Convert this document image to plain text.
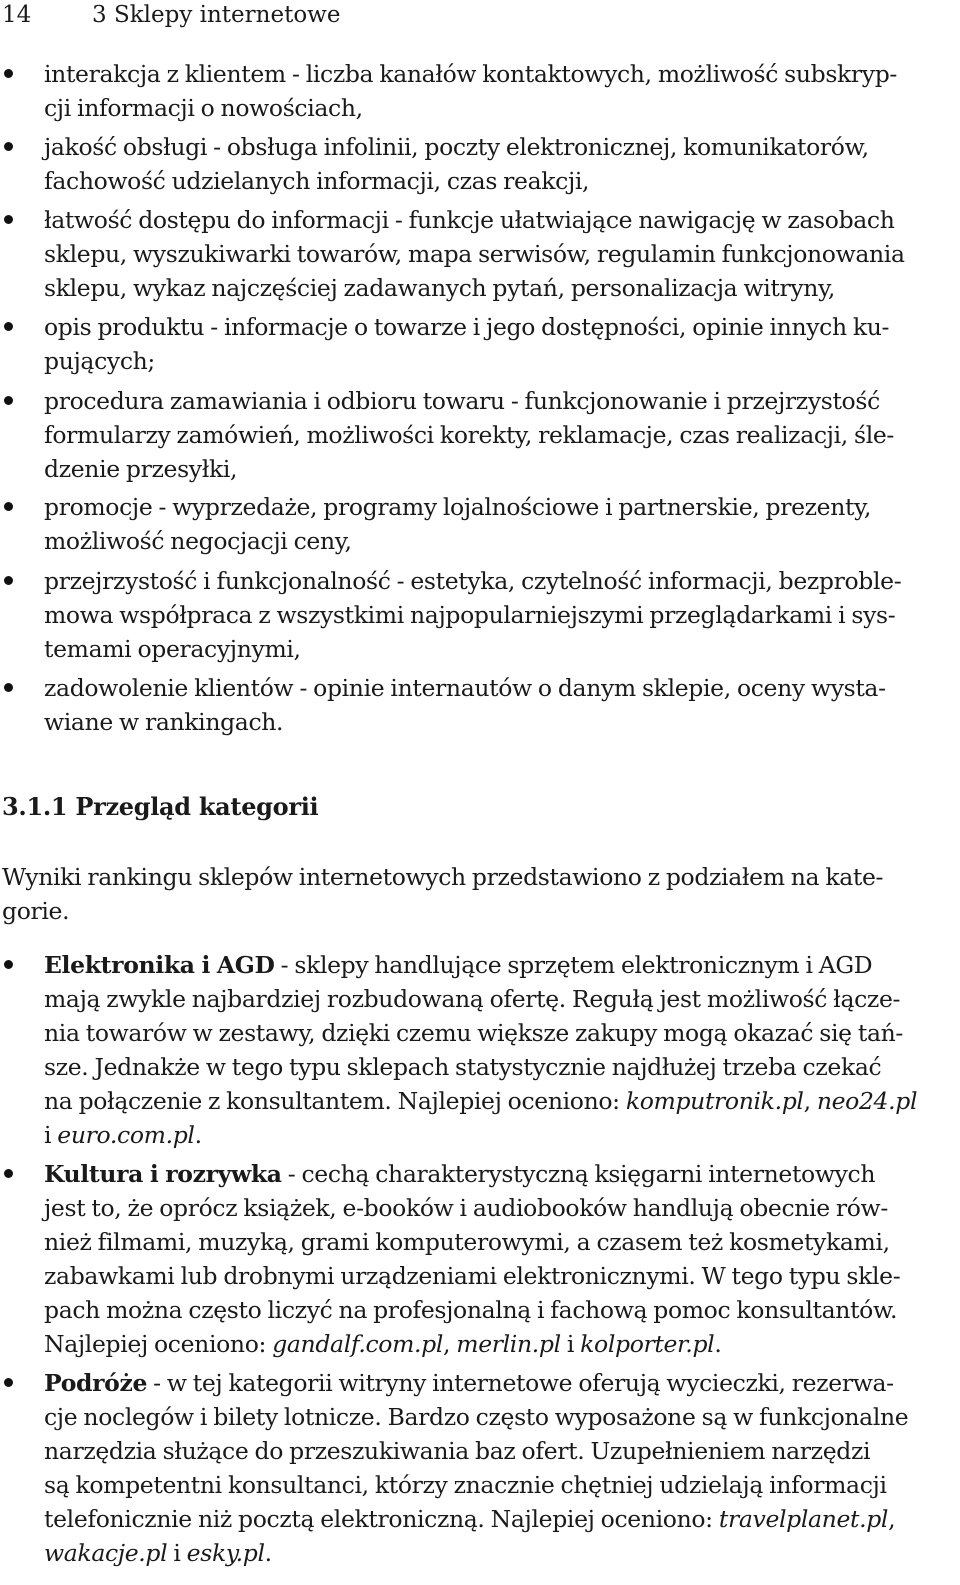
14	3 Sklepy internetowe
interakcja z klientem - liczba kanałów kontaktowych, możliwość subskryp-
cji informacji o nowościach,
jakość obsługi - obsługa infolinii, poczty elektronicznej, komunikatorów,
fachowość udzielanych informacji, czas reakcji,
łatwość dostępu do informacji - funkcje ułatwiające nawigację w zasobach
sklepu, wyszukiwarki towarów, mapa serwisów, regulamin funkcjonowania
sklepu, wykaz najczęściej zadawanych pytań, personalizacja witryny,
opis produktu - informacje o towarze i jego dostępności, opinie innych ku-
pujących;
procedura zamawiania i odbioru towaru - funkcjonowanie i przejrzystość
formularzy zamówień, możliwości korekty, reklamacje, czas realizacji, śle-
dzenie przesyłki,
promocje - wyprzedaże, programy lojalnościowe i partnerskie, prezenty,
możliwość negocjacji ceny,
przejrzystość i funkcjonalność - estetyka, czytelność informacji, bezproble-
mowa współpraca z wszystkimi najpopularniejszymi przeglądarkami i sys-
temami operacyjnymi,
zadowolenie klientów - opinie internautów o danym sklepie, oceny wysta-
wiane w rankingach.
3.1.1 Przegląd kategorii
Wyniki rankingu sklepów internetowych przedstawiono z podziałem na kate-
gorie.
Elektronika i AGD - sklepy handlujące sprzętem elektronicznym i AGD
mają zwykle najbardziej rozbudowaną ofertę. Regułą jest możliwość łącze-
nia towarów w zestawy, dzięki czemu większe zakupy mogą okazać się tań-
sze. Jednakże w tego typu sklepach statystycznie najdłużej trzeba czekać
na połączenie z konsultantem. Najlepiej oceniono: komputronik.pl, neo24.pl
i euro.com.pl.
Kultura i rozrywka - cechą charakterystyczną księgarni internetowych
jest to, że oprócz książek, e-booków i audiobooków handlują obecnie rów-
nież filmami, muzyką, grami komputerowymi, a czasem też kosmetykami,
zabawkami lub drobnymi urządzeniami elektronicznymi. W tego typu skle-
pach można często liczyć na profesjonalną i fachową pomoc konsultantów.
Najlepiej oceniono: gandalf.com.pl, merlin.pl i kolporter.pl.
Podróże - w tej kategorii witryny internetowe oferują wycieczki, rezerwa-
cje noclegów i bilety lotnicze. Bardzo często wyposażone są w funkcjonalne
narzędzia służące do przeszukiwania baz ofert. Uzupełnieniem narzędzi
są kompetentni konsultanci, którzy znacznie chętniej udzielają informacji
telefonicznie niż pocztą elektroniczną. Najlepiej oceniono: travelplanet.pl,
wakacje.pl i esky.pl.
